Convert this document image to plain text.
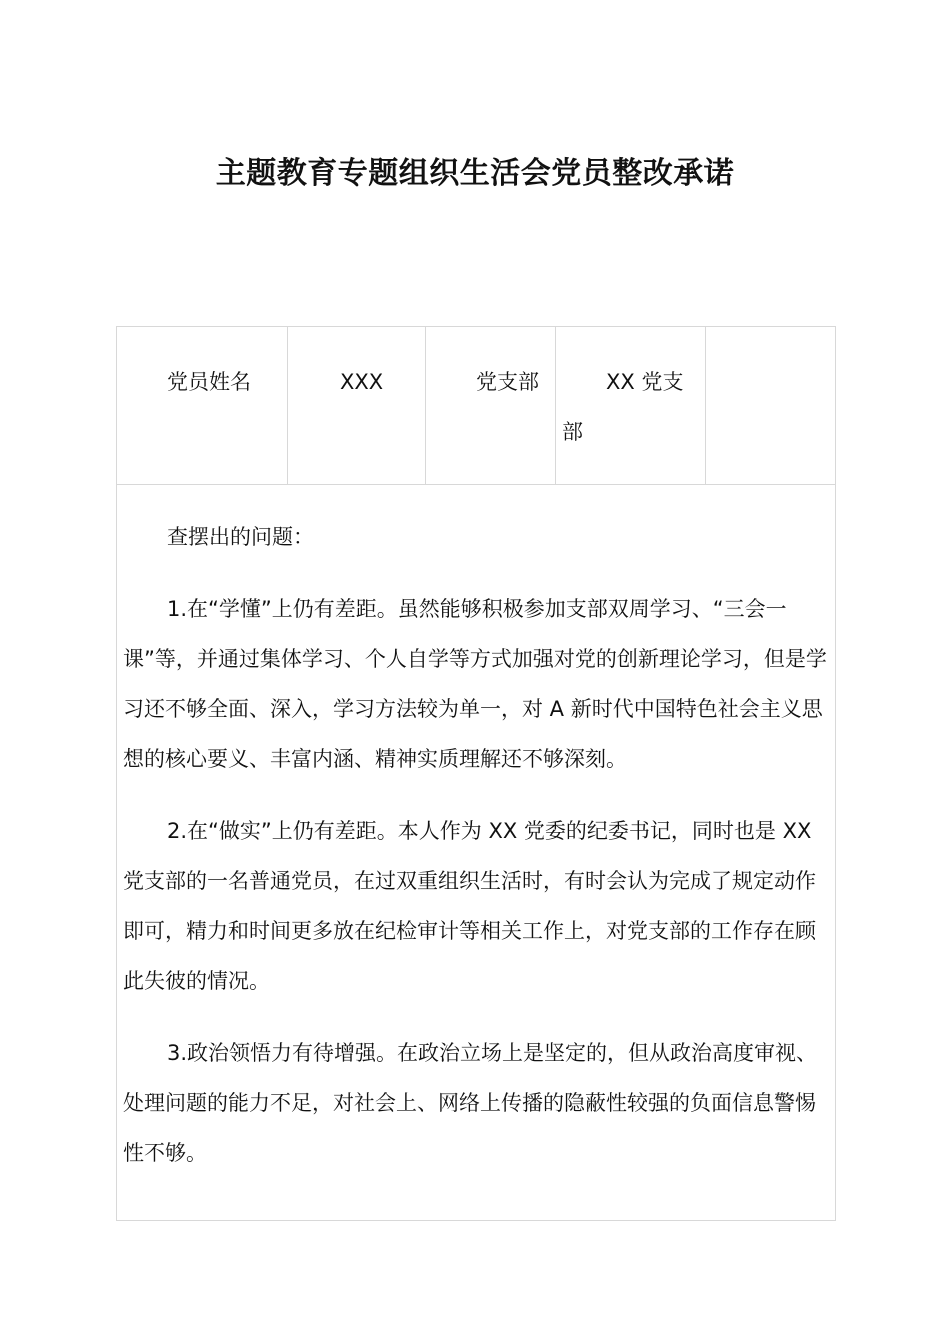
主题教育专题组织生活会党员整改承诺
党员姓名	XXX	党支部	XX 党支部

查摆出的问题：

1.在“学懂”上仍有差距。虽然能够积极参加支部双周学习、“三会一课”等，并通过集体学习、个人自学等方式加强对党的创新理论学习，但是学习还不够全面、深入，学习方法较为单一，对 A 新时代中国特色社会主义思想的核心要义、丰富内涵、精神实质理解还不够深刻。

2.在“做实”上仍有差距。本人作为 XX 党委的纪委书记，同时也是 XX 党支部的一名普通党员，在过双重组织生活时，有时会认为完成了规定动作即可，精力和时间更多放在纪检审计等相关工作上，对党支部的工作存在顾此失彼的情况。

3.政治领悟力有待增强。在政治立场上是坚定的，但从政治高度审视、处理问题的能力不足，对社会上、网络上传播的隐蔽性较强的负面信息警惕性不够。
